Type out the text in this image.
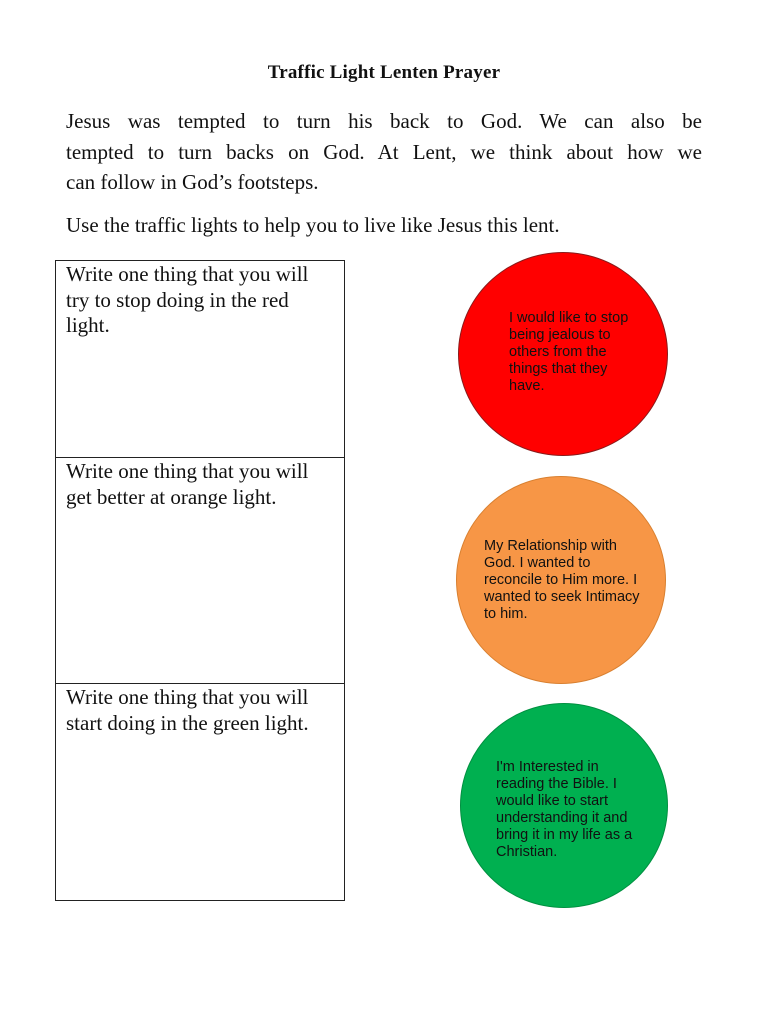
Traffic Light Lenten Prayer

Jesus was tempted to turn his back to God. We can also be
tempted to turn backs on God. At Lent, we think about how we
can follow in God’s footsteps.

Use the traffic lights to help you to live like Jesus this lent.

Write one thing that you will try to stop doing in the red light.
Write one thing that you will get better at orange light.
Write one thing that you will start doing in the green light.
I would like to stop being jealous to others from the things that they have.
My Relationship with God. I wanted to reconcile to Him more. I wanted to seek Intimacy to him.
I'm Interested in reading the Bible. I would like to start understanding it and bring it in my life as a Christian.
